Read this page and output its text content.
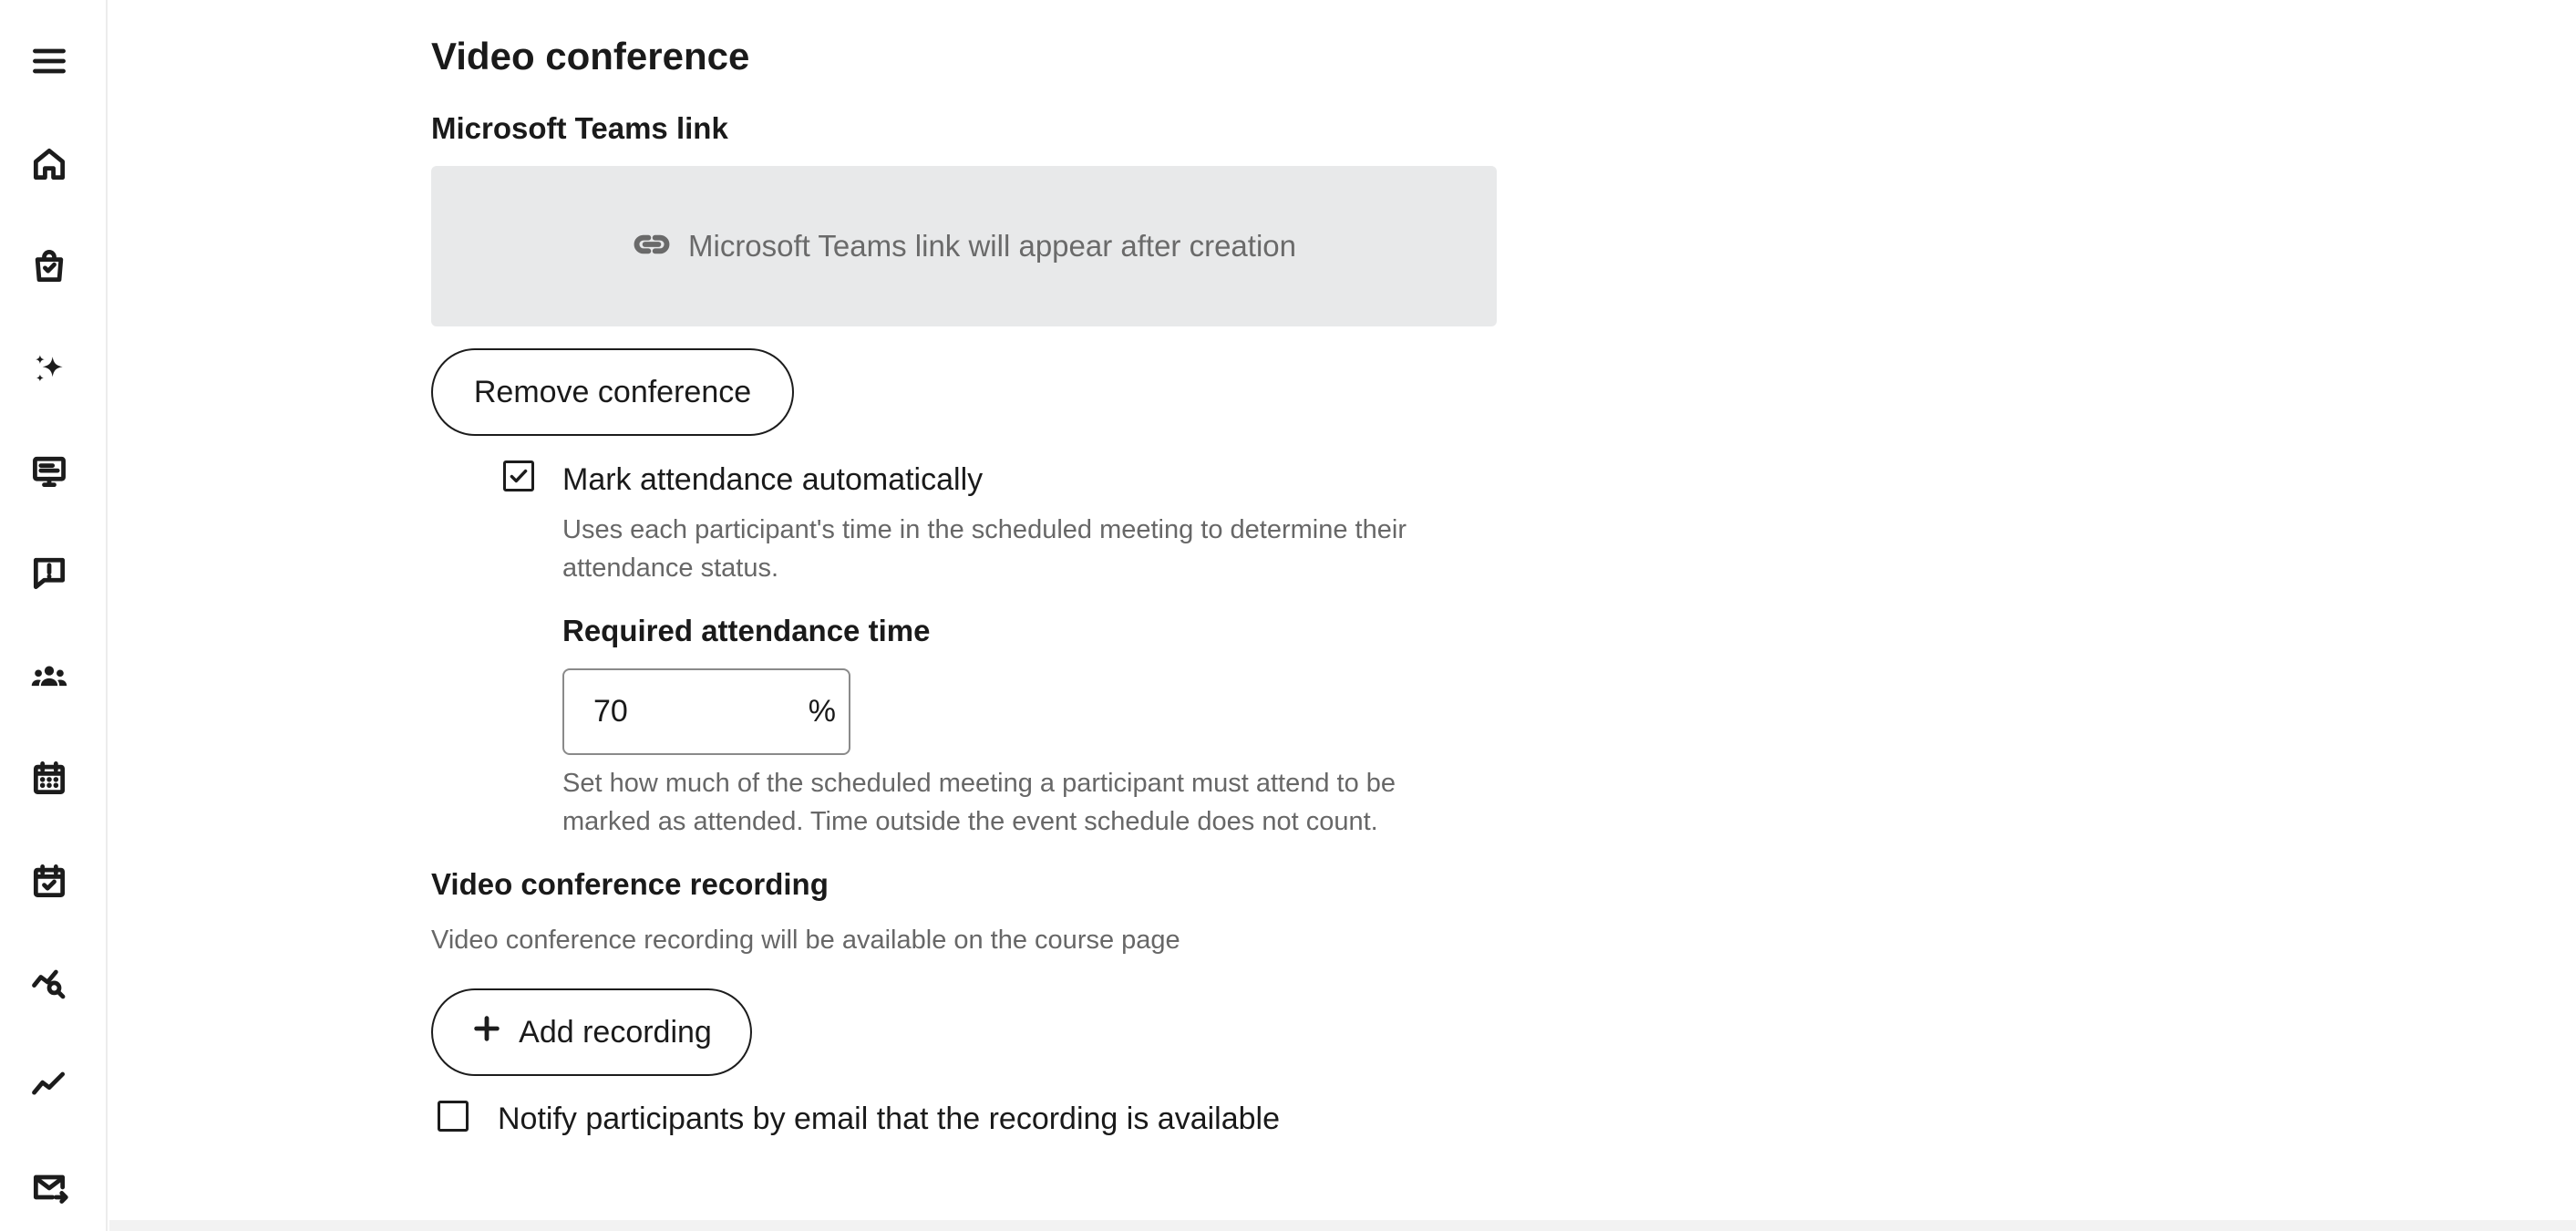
Video conference
Microsoft Teams link
Microsoft Teams link will appear after creation
Remove conference
Mark attendance automatically
Uses each participant's time in the scheduled meeting to determine their
attendance status.
Required attendance time
70
%
Set how much of the scheduled meeting a participant must attend to be
marked as attended. Time outside the event schedule does not count.
Video conference recording
Video conference recording will be available on the course page
Add recording
Notify participants by email that the recording is available
